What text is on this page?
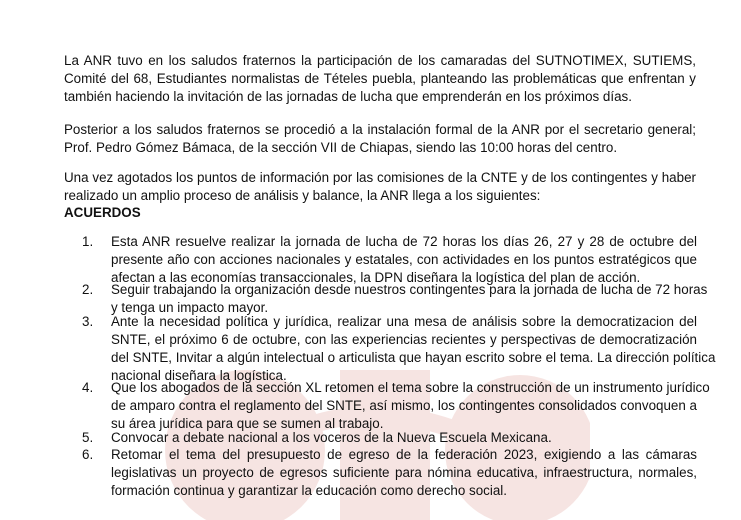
La ANR tuvo en los saludos fraternos la participación de los camaradas del SUTNOTIMEX, SUTIEMS,
Comité del 68, Estudiantes normalistas de Tételes puebla, planteando las problemáticas que enfrentan y
también haciendo la invitación de las jornadas de lucha que emprenderán en los próximos días.

Posterior a los saludos fraternos se procedió a la instalación formal de la ANR por el secretario general;
Prof. Pedro Gómez Bámaca, de la sección VII de Chiapas, siendo las 10:00 horas del centro.

Una vez agotados los puntos de información por las comisiones de la CNTE y de los contingentes y haber
realizado un amplio proceso de análisis y balance, la ANR llega a los siguientes:

ACUERDOS
1.	Esta ANR resuelve realizar la jornada de lucha de 72 horas los días 26, 27 y 28 de octubre del
presente año con acciones nacionales y estatales, con actividades en los puntos estratégicos que
afectan a las economías transaccionales, la DPN diseñara la logística del plan de acción.
2.	Seguir trabajando la organización desde nuestros contingentes para la jornada de lucha de 72 horas
y tenga un impacto mayor.
3.	Ante la necesidad política y jurídica, realizar una mesa de análisis sobre la democratizacion del
SNTE, el próximo 6 de octubre, con las experiencias recientes y perspectivas de democratización
del SNTE, Invitar a algún intelectual o articulista que hayan escrito sobre el tema. La dirección política
nacional diseñara la logística.
4.	Que los abogados de la sección XL retomen el tema sobre la construcción de un instrumento jurídico
de amparo contra el reglamento del SNTE, así mismo, los contingentes consolidados convoquen a
su área jurídica para que se sumen al trabajo.
5.	Convocar a debate nacional a los voceros de la Nueva Escuela Mexicana.
6.	Retomar el tema del presupuesto de egreso de la federación 2023, exigiendo a las cámaras
legislativas un proyecto de egresos suficiente para nómina educativa, infraestructura, normales,
formación continua y garantizar la educación como derecho social.
